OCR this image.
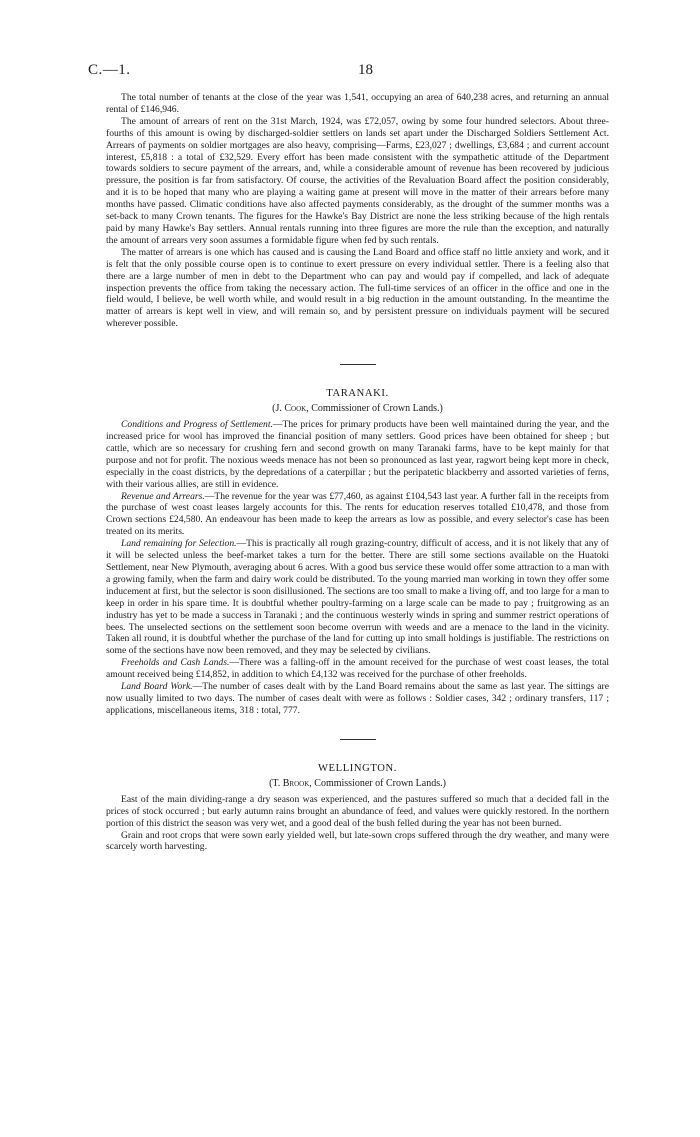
C.—1.	18

The total number of tenants at the close of the year was 1,541, occupying an area of 640,238 acres, and returning an annual rental of £146,946.

The amount of arrears of rent on the 31st March, 1924, was £72,057, owing by some four hundred selectors. About three-fourths of this amount is owing by discharged-soldier settlers on lands set apart under the Discharged Soldiers Settlement Act. Arrears of payments on soldier mortgages are also heavy, comprising—Farms, £23,027 ; dwellings, £3,684 ; and current account interest, £5,818 : a total of £32,529. Every effort has been made consistent with the sympathetic attitude of the Department towards soldiers to secure payment of the arrears, and, while a considerable amount of revenue has been recovered by judicious pressure, the position is far from satisfactory. Of course, the activities of the Revaluation Board affect the position considerably, and it is to be hoped that many who are playing a waiting game at present will move in the matter of their arrears before many months have passed. Climatic conditions have also affected payments considerably, as the drought of the summer months was a set-back to many Crown tenants. The figures for the Hawke's Bay District are none the less striking because of the high rentals paid by many Hawke's Bay settlers. Annual rentals running into three figures are more the rule than the exception, and naturally the amount of arrears very soon assumes a formidable figure when fed by such rentals.

The matter of arrears is one which has caused and is causing the Land Board and office staff no little anxiety and work, and it is felt that the only possible course open is to continue to exert pressure on every individual settler. There is a feeling also that there are a large number of men in debt to the Department who can pay and would pay if compelled, and lack of adequate inspection prevents the office from taking the necessary action. The full-time services of an officer in the office and one in the field would, I believe, be well worth while, and would result in a big reduction in the amount outstanding. In the meantime the matter of arrears is kept well in view, and will remain so, and by persistent pressure on individuals payment will be secured wherever possible.

TARANAKI.
(J. Cook, Commissioner of Crown Lands.)

Conditions and Progress of Settlement.—The prices for primary products have been well maintained during the year, and the increased price for wool has improved the financial position of many settlers. Good prices have been obtained for sheep ; but cattle, which are so necessary for crushing fern and second growth on many Taranaki farms, have to be kept mainly for that purpose and not for profit. The noxious weeds menace has not been so pronounced as last year, ragwort being kept more in check, especially in the coast districts, by the depredations of a caterpillar ; but the peripatetic blackberry and assorted varieties of ferns, with their various allies, are still in evidence.

Revenue and Arrears.—The revenue for the year was £77,460, as against £104,543 last year. A further fall in the receipts from the purchase of west coast leases largely accounts for this. The rents for education reserves totalled £10,478, and those from Crown sections £24,580. An endeavour has been made to keep the arrears as low as possible, and every selector's case has been treated on its merits.

Land remaining for Selection.—This is practically all rough grazing-country, difficult of access, and it is not likely that any of it will be selected unless the beef-market takes a turn for the better. There are still some sections available on the Huatoki Settlement, near New Plymouth, averaging about 6 acres. With a good bus service these would offer some attraction to a man with a growing family, when the farm and dairy work could be distributed. To the young married man working in town they offer some inducement at first, but the selector is soon disillusioned. The sections are too small to make a living off, and too large for a man to keep in order in his spare time. It is doubtful whether poultry-farming on a large scale can be made to pay ; fruitgrowing as an industry has yet to be made a success in Taranaki ; and the continuous westerly winds in spring and summer restrict operations of bees. The unselected sections on the settlement soon become overrun with weeds and are a menace to the land in the vicinity. Taken all round, it is doubtful whether the purchase of the land for cutting up into small holdings is justifiable. The restrictions on some of the sections have now been removed, and they may be selected by civilians.

Freeholds and Cash Lands.—There was a falling-off in the amount received for the purchase of west coast leases, the total amount received being £14,852, in addition to which £4,132 was received for the purchase of other freeholds.

Land Board Work.—The number of cases dealt with by the Land Board remains about the same as last year. The sittings are now usually limited to two days. The number of cases dealt with were as follows : Soldier cases, 342 ; ordinary transfers, 117 ; applications, miscellaneous items, 318 : total, 777.

WELLINGTON.
(T. Brook, Commissioner of Crown Lands.)

East of the main dividing-range a dry season was experienced, and the pastures suffered so much that a decided fall in the prices of stock occurred ; but early autumn rains brought an abundance of feed, and values were quickly restored. In the northern portion of this district the season was very wet, and a good deal of the bush felled during the year has not been burned.

Grain and root crops that were sown early yielded well, but late-sown crops suffered through the dry weather, and many were scarcely worth harvesting.
